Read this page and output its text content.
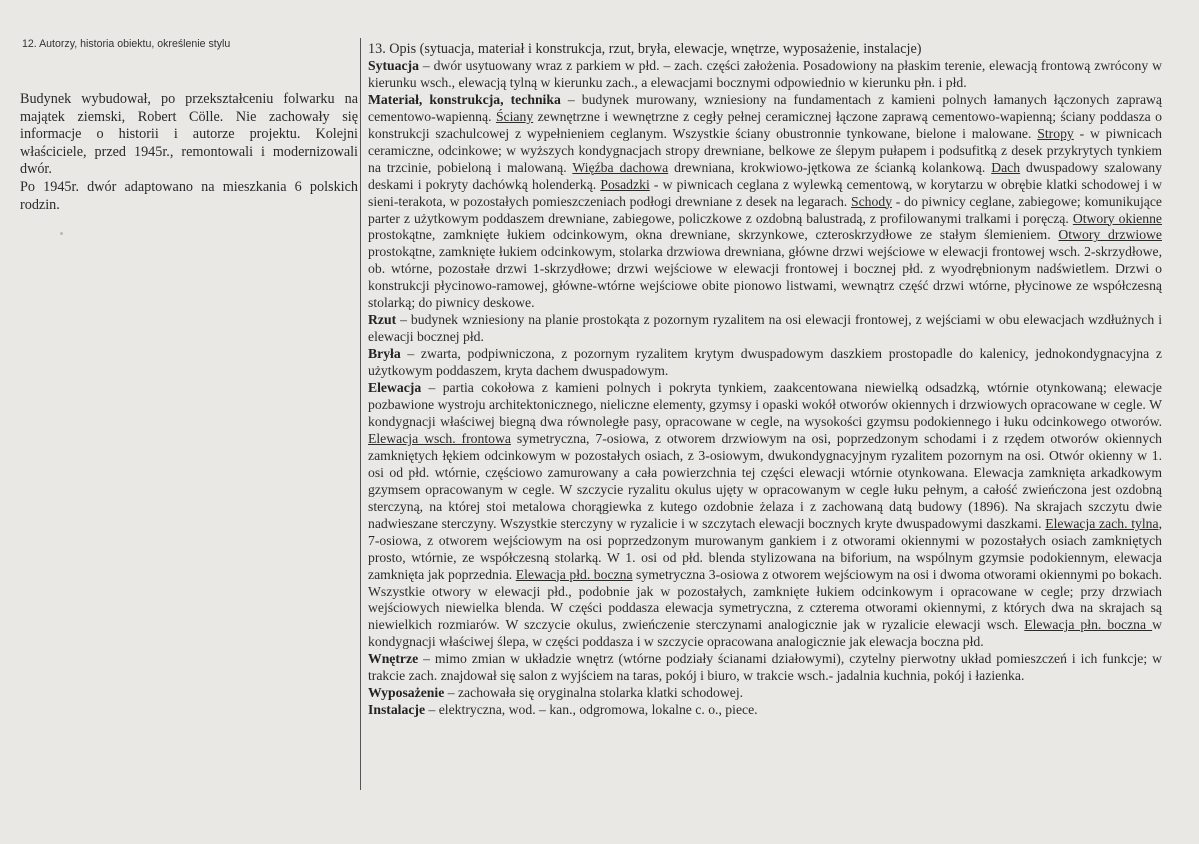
12. Autorzy, historia obiektu, określenie stylu

Budynek wybudował, po przekształceniu folwarku na majątek ziemski, Robert Cölle. Nie zachowały się informacje o historii i autorze projektu. Kolejni właściciele, przed 1945r., remontowali i modernizowali dwór.

Po 1945r. dwór adaptowano na mieszkania 6 polskich rodzin.

13. Opis (sytuacja, materiał i konstrukcja, rzut, bryła, elewacje, wnętrze, wyposażenie, instalacje)

Sytuacja – dwór usytuowany wraz z parkiem w płd. – zach. części założenia. Posadowiony na płaskim terenie, elewacją frontową zwrócony w kierunku wsch., elewacją tylną w kierunku zach., a elewacjami bocznymi odpowiednio w kierunku płn. i płd.

Materiał, konstrukcja, technika – budynek murowany, wzniesiony na fundamentach z kamieni polnych łamanych łączonych zaprawą cementowo-wapienną. Ściany zewnętrzne i wewnętrzne z cegły pełnej ceramicznej łączone zaprawą cementowo-wapienną; ściany poddasza o konstrukcji szachulcowej z wypełnieniem ceglanym. Wszystkie ściany obustronnie tynkowane, bielone i malowane. Stropy - w piwnicach ceramiczne, odcinkowe; w wyższych kondygnacjach stropy drewniane, belkowe ze ślepym pułapem i podsufitką z desek przykrytych tynkiem na trzcinie, pobieloną i malowaną. Więźba dachowa drewniana, krokwiowo-jętkowa ze ścianką kolankową. Dach dwuspadowy szalowany deskami i pokryty dachówką holenderką. Posadzki - w piwnicach ceglana z wylewką cementową, w korytarzu w obrębie klatki schodowej i w sieni-terakota, w pozostałych pomieszczeniach podłogi drewniane z desek na legarach. Schody - do piwnicy ceglane, zabiegowe; komunikujące parter z użytkowym poddaszem drewniane, zabiegowe, policzkowe z ozdobną balustradą, z profilowanymi tralkami i poręczą. Otwory okienne prostokątne, zamknięte łukiem odcinkowym, okna drewniane, skrzynkowe, czteroskrzydłowe ze stałym ślemieniem. Otwory drzwiowe prostokątne, zamknięte łukiem odcinkowym, stolarka drzwiowa drewniana, główne drzwi wejściowe w elewacji frontowej wsch. 2-skrzydłowe, ob. wtórne, pozostałe drzwi 1-skrzydłowe; drzwi wejściowe w elewacji frontowej i bocznej płd. z wyodrębnionym nadświetlem. Drzwi o konstrukcji płycinowo-ramowej, główne-wtórne wejściowe obite pionowo listwami, wewnątrz część drzwi wtórne, płycinowe ze współczesną stolarką; do piwnicy deskowe.

Rzut – budynek wzniesiony na planie prostokąta z pozornym ryzalitem na osi elewacji frontowej, z wejściami w obu elewacjach wzdłużnych i elewacji bocznej płd.

Bryła – zwarta, podpiwniczona, z pozornym ryzalitem krytym dwuspadowym daszkiem prostopadle do kalenicy, jednokondygnacyjna z użytkowym poddaszem, kryta dachem dwuspadowym.

Elewacja – partia cokołowa z kamieni polnych i pokryta tynkiem, zaakcentowana niewielką odsadzką, wtórnie otynkowaną; elewacje pozbawione wystroju architektonicznego, nieliczne elementy, gzymsy i opaski wokół otworów okiennych i drzwiowych opracowane w cegle. W kondygnacji właściwej biegną dwa równoległe pasy, opracowane w cegle, na wysokości gzymsu podokiennego i łuku odcinkowego otworów. Elewacja wsch. frontowa symetryczna, 7-osiowa, z otworem drzwiowym na osi, poprzedzonym schodami i z rzędem otworów okiennych zamkniętych łękiem odcinkowym w pozostałych osiach, z 3-osiowym, dwukondygnacyjnym ryzalitem pozornym na osi. Otwór okienny w 1. osi od płd. wtórnie, częściowo zamurowany a cała powierzchnia tej części elewacji wtórnie otynkowana. Elewacja zamknięta arkadkowym gzymsem opracowanym w cegle. W szczycie ryzalitu okulus ujęty w opracowanym w cegle łuku pełnym, a całość zwieńczona jest ozdobną sterczyną, na której stoi metalowa chorągiewka z kutego ozdobnie żelaza i z zachowaną datą budowy (1896). Na skrajach szczytu dwie nadwieszane sterczyny. Wszystkie sterczyny w ryzalicie i w szczytach elewacji bocznych kryte dwuspadowymi daszkami. Elewacja zach. tylna, 7-osiowa, z otworem wejściowym na osi poprzedzonym murowanym gankiem i z otworami okiennymi w pozostałych osiach zamkniętych prosto, wtórnie, ze współczesną stolarką. W 1. osi od płd. blenda stylizowana na biforium, na wspólnym gzymsie podokiennym, elewacja zamknięta jak poprzednia. Elewacja płd. boczna symetryczna 3-osiowa z otworem wejściowym na osi i dwoma otworami okiennymi po bokach. Wszystkie otwory w elewacji płd., podobnie jak w pozostałych, zamknięte łukiem odcinkowym i opracowane w cegle; przy drzwiach wejściowych niewielka blenda. W części poddasza elewacja symetryczna, z czterema otworami okiennymi, z których dwa na skrajach są niewielkich rozmiarów. W szczycie okulus, zwieńczenie sterczynami analogicznie jak w ryzalicie elewacji wsch. Elewacja płn. boczna w kondygnacji właściwej ślepa, w części poddasza i w szczycie opracowana analogicznie jak elewacja boczna płd.

Wnętrze – mimo zmian w układzie wnętrz (wtórne podziały ścianami działowymi), czytelny pierwotny układ pomieszczeń i ich funkcje; w trakcie zach. znajdował się salon z wyjściem na taras, pokój i biuro, w trakcie wsch.- jadalnia kuchnia, pokój i łazienka.

Wyposażenie – zachowała się oryginalna stolarka klatki schodowej.

Instalacje – elektryczna, wod. – kan., odgromowa, lokalne c. o., piece.
